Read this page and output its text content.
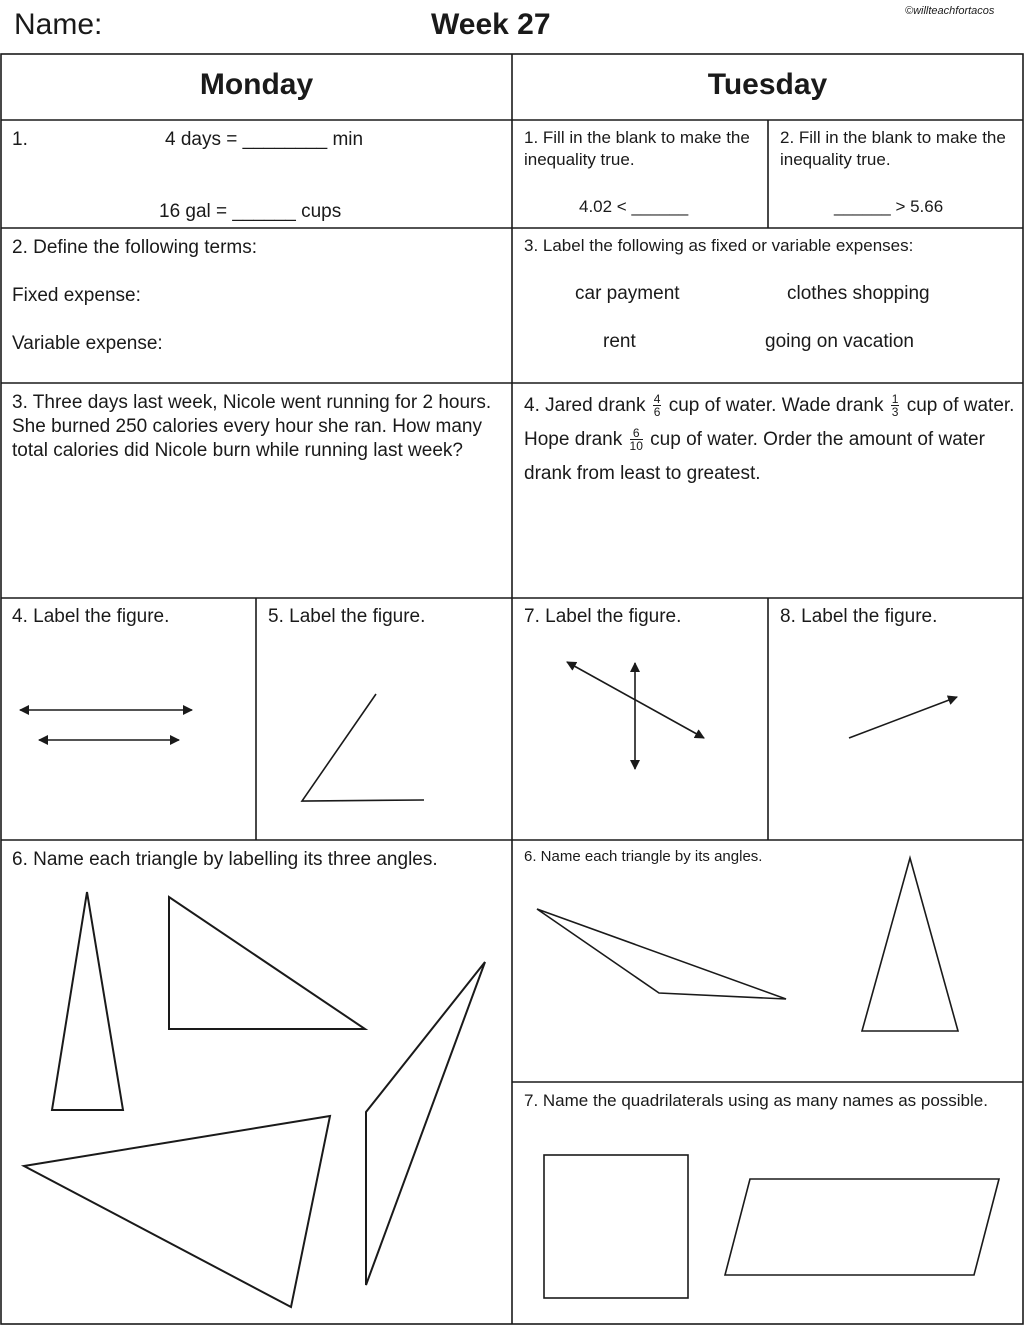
Name:	Week 27	©willteachfortacos
Monday	Tuesday
1.	4 days = ________ min
16 gal = ______ cups
1. Fill in the blank to make the inequality true.
4.02 < ______
2. Fill in the blank to make the inequality true.
______ > 5.66
2. Define the following terms:
Fixed expense:
Variable expense:
3. Label the following as fixed or variable expenses:
car payment	clothes shopping
rent	going on vacation
3. Three days last week, Nicole went running for 2 hours. She burned 250 calories every hour she ran. How many total calories did Nicole burn while running last week?
4. Jared drank $\frac{4}{6}$ cup of water. Wade drank $\frac{1}{3}$ cup of water. Hope drank $\frac{6}{10}$ cup of water. Order the amount of water drank from least to greatest.
4. Label the figure.	5. Label the figure.	7. Label the figure.	8. Label the figure.
6. Name each triangle by labelling its three angles.	6. Name each triangle by its angles.
7. Name the quadrilaterals using as many names as possible.
